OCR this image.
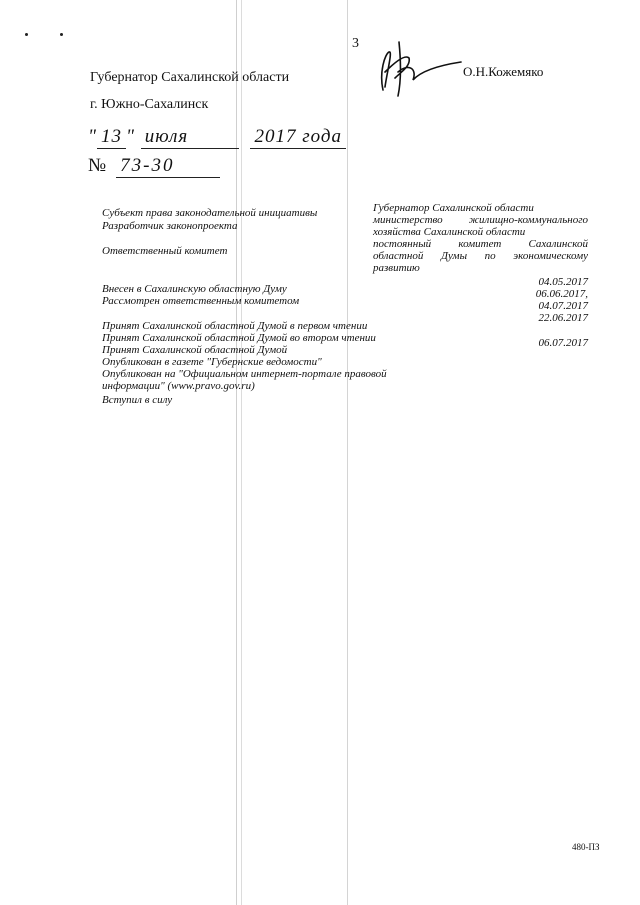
3
О.Н.Кожемяко
Губернатор Сахалинской области
г. Южно-Сахалинск
" 13 " июля	2017 года
№ 73-30
Субъект права законодательной инициативы
Разработчик законопроекта
Ответственный комитет
Внесен в Сахалинскую областную Думу
Рассмотрен ответственным комитетом
Принят Сахалинской областной Думой в первом чтении
Принят Сахалинской областной Думой во втором чтении
Принят Сахалинской областной Думой
Опубликован в газете "Губернские ведомости"
Опубликован на "Официальном интернет-портале правовой
информации" (www.pravo.gov.ru)
Вступил в силу
Губернатор Сахалинской области
министерство жилищно-коммунального хозяйства Сахалинской области
постоянный комитет Сахалинской областной Думы по экономическому развитию
04.05.2017
06.06.2017,
04.07.2017
22.06.2017
06.07.2017
480-ПЗ
